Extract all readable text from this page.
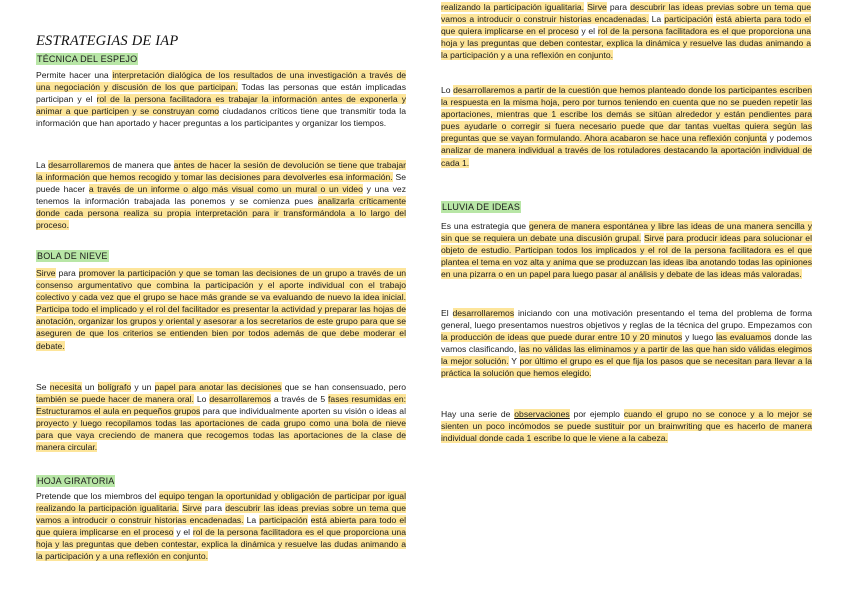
ESTRATEGIAS DE IAP
TÉCNICA DEL ESPEJO

Permite hacer una interpretación dialógica de los resultados de una investigación a través de una negociación y discusión de los que participan. Todas las personas que están implicadas participan y el rol de la persona facilitadora es trabajar la información antes de exponerla y animar a que participen y se construyan como ciudadanos críticos tiene que transmitir toda la información que han aportado y hacer preguntas a los participantes y organizar los tiempos.

La desarrollaremos de manera que antes de hacer la sesión de devolución se tiene que trabajar la información que hemos recogido y tomar las decisiones para devolverles esa información. Se puede hacer a través de un informe o algo más visual como un mural o un video y una vez tenemos la información trabajada las ponemos y se comienza pues analizarla críticamente donde cada persona realiza su propia interpretación para ir transformándola a lo largo del proceso.

BOLA DE NIEVE

Sirve para promover la participación y que se toman las decisiones de un grupo a través de un consenso argumentativo que combina la participación y el aporte individual con el trabajo colectivo y cada vez que el grupo se hace más grande se va evaluando de nuevo la idea inicial. Participa todo el implicado y el rol del facilitador es presentar la actividad y preparar las hojas de anotación, organizar los grupos y oriental y asesorar a los secretarios de este grupo para que se aseguren de que los criterios se entienden bien por todos además de que debe moderar el debate.

Se necesita un bolígrafo y un papel para anotar las decisiones que se han consensuado, pero también se puede hacer de manera oral. Lo desarrollaremos a través de 5 fases resumidas en: Estructuramos el aula en pequeños grupos para que individualmente aporten su visión o ideas al proyecto y luego recopilamos todas las aportaciones de cada grupo como una bola de nieve para que vaya creciendo de manera que recogemos todas las aportaciones de la clase de manera circular.

HOJA GIRATORIA

Pretende que los miembros del equipo tengan la oportunidad y obligación de participar por igual realizando la participación igualitaria. Sirve para descubrir las ideas previas sobre un tema que vamos a introducir o construir historias encadenadas. La participación está abierta para todo el que quiera implicarse en el proceso y el rol de la persona facilitadora es el que proporciona una hoja y las preguntas que deben contestar, explica la dinámica y resuelve las dudas animando a la participación y a una reflexión en conjunto.

realizando la participación igualitaria. Sirve para descubrir las ideas previas sobre un tema que vamos a introducir o construir historias encadenadas. La participación está abierta para todo el que quiera implicarse en el proceso y el rol de la persona facilitadora es el que proporciona una hoja y las preguntas que deben contestar, explica la dinámica y resuelve las dudas animando a la participación y a una reflexión en conjunto.

Lo desarrollaremos a partir de la cuestión que hemos planteado donde los participantes escriben la respuesta en la misma hoja, pero por turnos teniendo en cuenta que no se pueden repetir las aportaciones, mientras que 1 escribe los demás se sitúan alrededor y están pendientes para pues ayudarle o corregir si fuera necesario puede que dar tantas vueltas quiera según las preguntas que se vayan formulando. Ahora acabaron se hace una reflexión conjunta y podemos analizar de manera individual a través de los rotuladores destacando la aportación individual de cada 1.

LLUVIA DE IDEAS

Es una estrategia que genera de manera espontánea y libre las ideas de una manera sencilla y sin que se requiera un debate una discusión grupal. Sirve para producir ideas para solucionar el objeto de estudio. Participan todos los implicados y el rol de la persona facilitadora es el que plantea el tema en voz alta y anima que se produzcan las ideas iba anotando todas las opiniones en una pizarra o en un papel para luego pasar al análisis y debate de las ideas más valoradas.

El desarrollaremos iniciando con una motivación presentando el tema del problema de forma general, luego presentamos nuestros objetivos y reglas de la técnica del grupo. Empezamos con la producción de ideas que puede durar entre 10 y 20 minutos y luego las evaluamos donde las vamos clasificando, las no válidas las eliminamos y a partir de las que han sido válidas elegimos la mejor solución. Y por último el grupo es el que fija los pasos que se necesitan para llevar a la práctica la solución que hemos elegido.

Hay una serie de observaciones por ejemplo cuando el grupo no se conoce y a lo mejor se sienten un poco incómodos se puede sustituir por un brainwriting que es hacerlo de manera individual donde cada 1 escribe lo que le viene a la cabeza.
